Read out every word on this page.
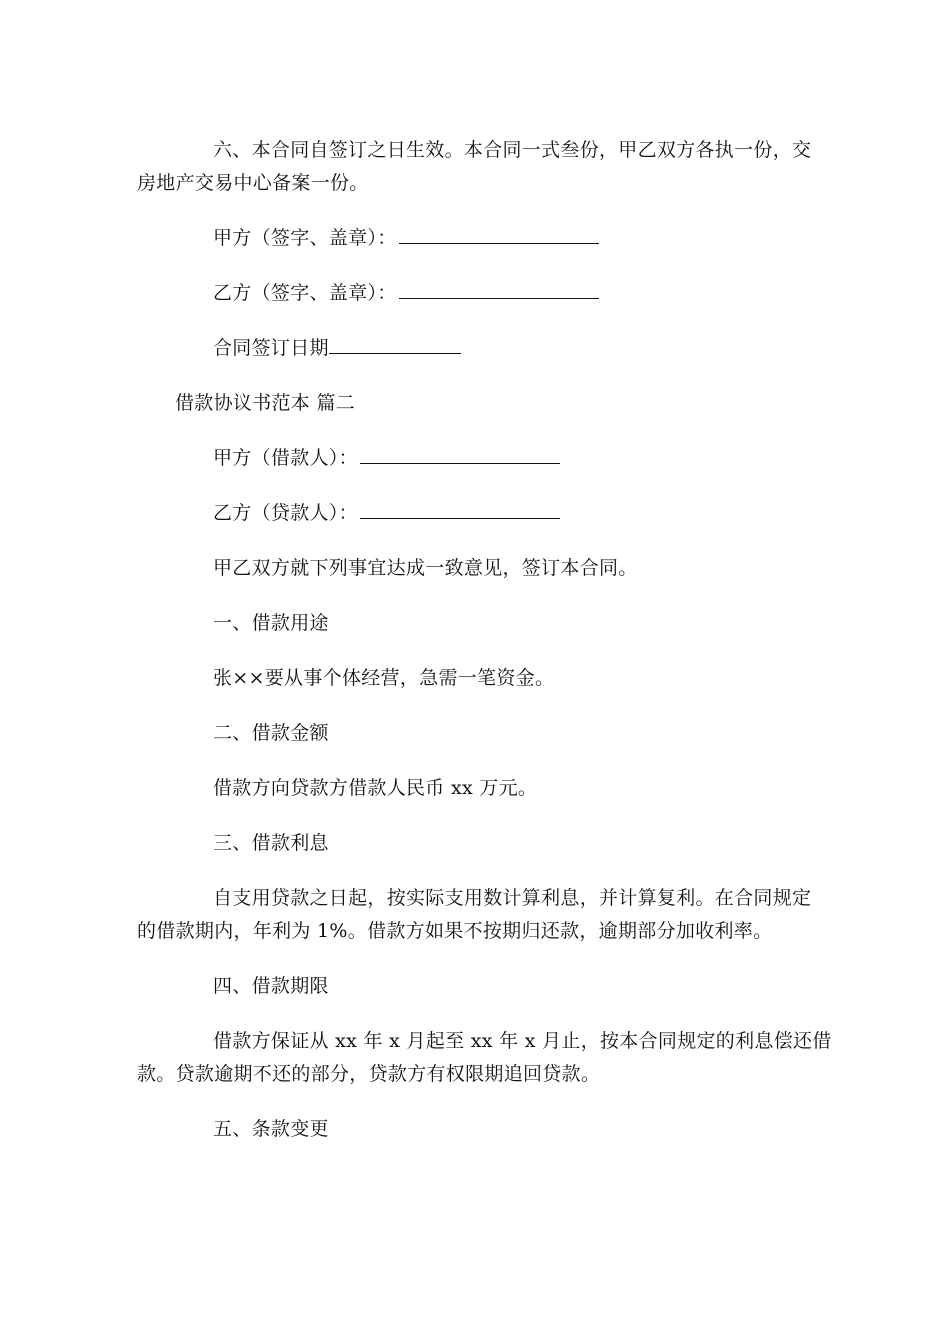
六、本合同自签订之日生效。本合同一式叁份，甲乙双方各执一份，交
房地产交易中心备案一份。
甲方（签字、盖章）：
乙方（签字、盖章）：
合同签订日期
借款协议书范本 篇二
甲方（借款人）：
乙方（贷款人）：
甲乙双方就下列事宜达成一致意见，签订本合同。
一、借款用途
张××要从事个体经营，急需一笔资金。
二、借款金额
借款方向贷款方借款人民币 xx 万元。
三、借款利息
自支用贷款之日起，按实际支用数计算利息，并计算复利。在合同规定
的借款期内，年利为 1%。借款方如果不按期归还款，逾期部分加收利率。
四、借款期限
借款方保证从 xx 年 x 月起至 xx 年 x 月止，按本合同规定的利息偿还借
款。贷款逾期不还的部分，贷款方有权限期追回贷款。
五、条款变更
